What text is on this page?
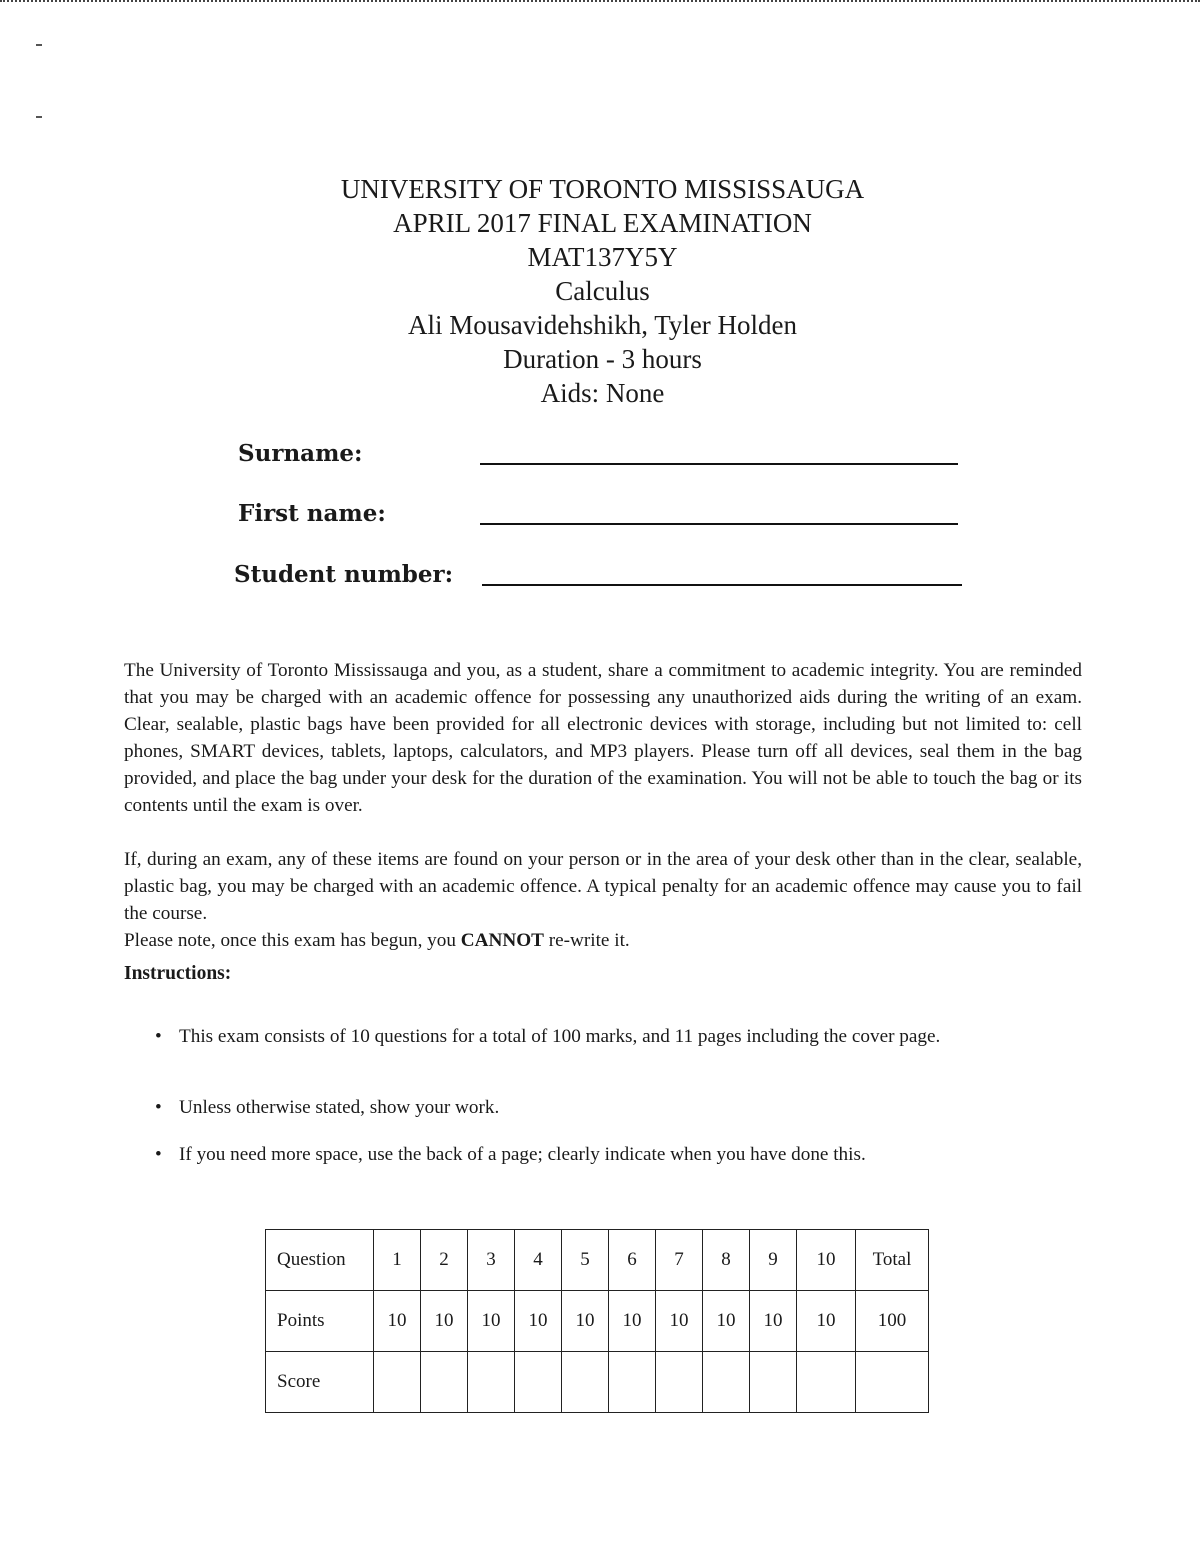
UNIVERSITY OF TORONTO MISSISSAUGA
APRIL 2017 FINAL EXAMINATION
MAT137Y5Y
Calculus
Ali Mousavidehshikh, Tyler Holden
Duration - 3 hours
Aids: None
Surname:
First name:
Student number:
The University of Toronto Mississauga and you, as a student, share a commitment to academic integrity. You are reminded that you may be charged with an academic offence for possessing any unauthorized aids during the writing of an exam. Clear, sealable, plastic bags have been provided for all electronic devices with storage, including but not limited to: cell phones, SMART devices, tablets, laptops, calculators, and MP3 players. Please turn off all devices, seal them in the bag provided, and place the bag under your desk for the duration of the examination. You will not be able to touch the bag or its contents until the exam is over.
If, during an exam, any of these items are found on your person or in the area of your desk other than in the clear, sealable, plastic bag, you may be charged with an academic offence. A typical penalty for an academic offence may cause you to fail the course.
Please note, once this exam has begun, you CANNOT re-write it.
Instructions:
• This exam consists of 10 questions for a total of 100 marks, and 11 pages including the cover page.
• Unless otherwise stated, show your work.
• If you need more space, use the back of a page; clearly indicate when you have done this.
Question	1	2	3	4	5	6	7	8	9	10	Total
Points	10	10	10	10	10	10	10	10	10	10	100
Score											
